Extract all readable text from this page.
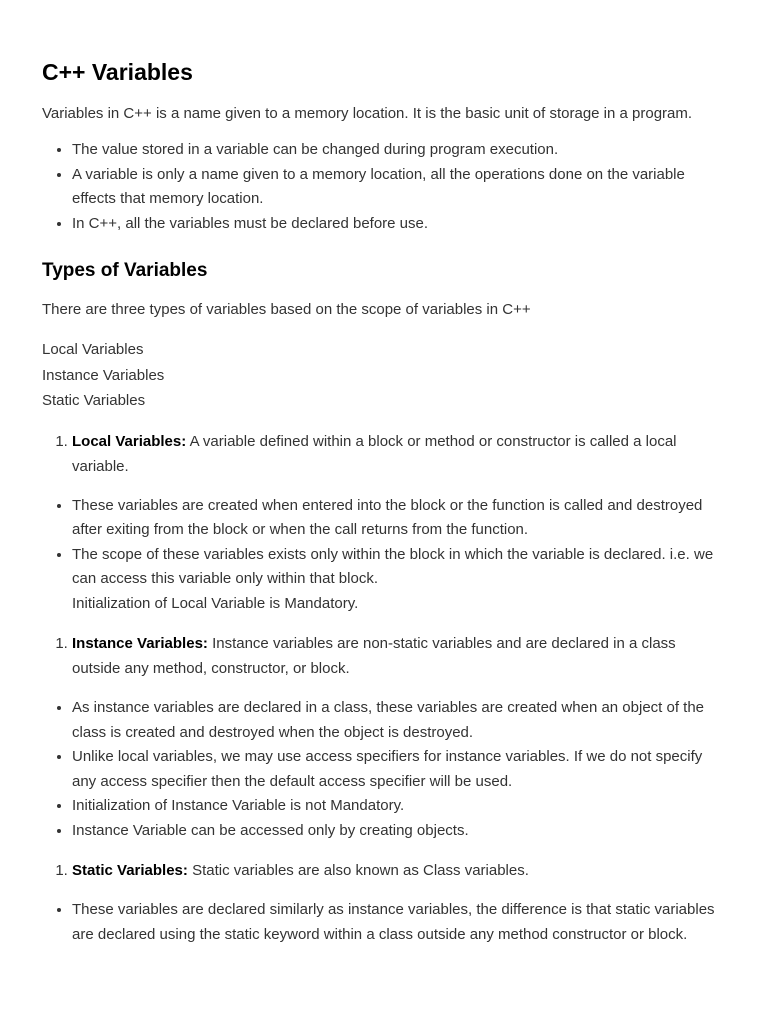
C++ Variables

Variables in C++ is a name given to a memory location. It is the basic unit of storage in a program.

• The value stored in a variable can be changed during program execution.
• A variable is only a name given to a memory location, all the operations done on the variable effects that memory location.
• In C++, all the variables must be declared before use.
Types of Variables

There are three types of variables based on the scope of variables in C++

Local Variables
Instance Variables
Static Variables
1. Local Variables: A variable defined within a block or method or constructor is called a local variable.
• These variables are created when entered into the block or the function is called and destroyed after exiting from the block or when the call returns from the function.
• The scope of these variables exists only within the block in which the variable is declared. i.e. we can access this variable only within that block.
Initialization of Local Variable is Mandatory.
1. Instance Variables: Instance variables are non-static variables and are declared in a class outside any method, constructor, or block.
• As instance variables are declared in a class, these variables are created when an object of the class is created and destroyed when the object is destroyed.
• Unlike local variables, we may use access specifiers for instance variables. If we do not specify any access specifier then the default access specifier will be used.
• Initialization of Instance Variable is not Mandatory.
• Instance Variable can be accessed only by creating objects.
1. Static Variables: Static variables are also known as Class variables.
• These variables are declared similarly as instance variables, the difference is that static variables are declared using the static keyword within a class outside any method constructor or block.
